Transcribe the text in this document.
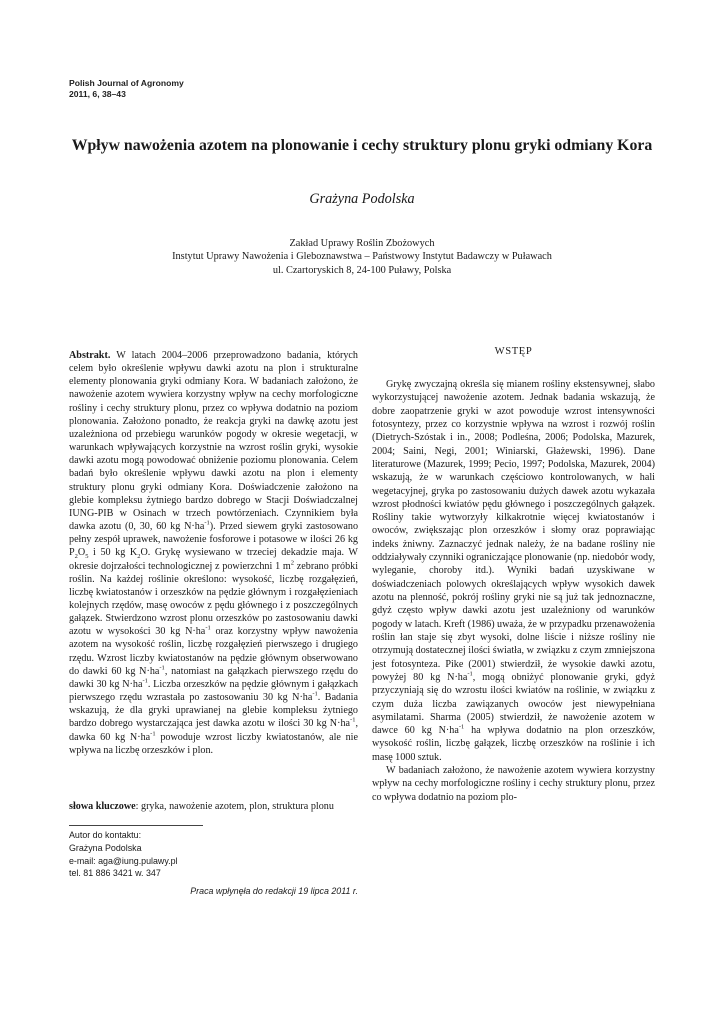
Polish Journal of Agronomy
2011, 6, 38–43
Wpływ nawożenia azotem na plonowanie i cechy struktury plonu gryki odmiany Kora
Grażyna Podolska
Zakład Uprawy Roślin Zbożowych
Instytut Uprawy Nawożenia i Gleboznawstwa – Państwowy Instytut Badawczy w Puławach
ul. Czartoryskich 8, 24-100 Puławy, Polska

Abstrakt. W latach 2004–2006 przeprowadzono badania, których celem było określenie wpływu dawki azotu na plon i strukturalne elementy plonowania gryki odmiany Kora. W badaniach założono, że nawożenie azotem wywiera korzystny wpływ na cechy morfologiczne rośliny i cechy struktury plonu, przez co wpływa dodatnio na poziom plonowania. Założono ponadto, że reakcja gryki na dawkę azotu jest uzależniona od przebiegu warunków pogody w okresie wegetacji, w warunkach wpływających korzystnie na wzrost roślin gryki, wysokie dawki azotu mogą powodować obniżenie poziomu plonowania. Celem badań było określenie wpływu dawki azotu na plon i elementy struktury plonu gryki odmiany Kora. Doświadczenie założono na glebie kompleksu żytniego bardzo dobrego w Stacji Doświadczalnej IUNG-PIB w Osinach w trzech powtórzeniach. Czynnikiem była dawka azotu (0, 30, 60 kg $N\cdot ha^{-1}$). Przed siewem gryki zastosowano pełny zespół uprawek, nawożenie fosforowe i potasowe w ilości 26 kg $P_2O_5$ i 50 kg $K_2O$. Grykę wysiewano w trzeciej dekadzie maja. W okresie dojrzałości technologicznej z powierzchni 1 $m^2$ zebrano próbki roślin. Na każdej roślinie określono: wysokość, liczbę rozgałęzień, liczbę kwiatostanów i orzeszków na pędzie głównym i rozgałęzieniach kolejnych rzędów, masę owoców z pędu głównego i z poszczególnych gałązek. Stwierdzono wzrost plonu orzeszków po zastosowaniu dawki azotu w wysokości 30 kg $N\cdot ha^{-1}$ oraz korzystny wpływ nawożenia azotem na wysokość roślin, liczbę rozgałęzień pierwszego i drugiego rzędu. Wzrost liczby kwiatostanów na pędzie głównym obserwowano do dawki 60 kg $N\cdot ha^{-1}$, natomiast na gałązkach pierwszego rzędu do dawki 30 kg $N\cdot ha^{-1}$. Liczba orzeszków na pędzie głównym i gałązkach pierwszego rzędu wzrastała po zastosowaniu 30 kg $N\cdot ha^{-1}$. Badania wskazują, że dla gryki uprawianej na glebie kompleksu żytniego bardzo dobrego wystarczająca jest dawka azotu w ilości 30 kg $N\cdot ha^{-1}$, dawka 60 kg $N\cdot ha^{-1}$ powoduje wzrost liczby kwiatostanów, ale nie wpływa na liczbę orzeszków i plon.

słowa kluczowe: gryka, nawożenie azotem, plon, struktura plonu
Autor do kontaktu:
Grażyna Podolska
e-mail: aga@iung.pulawy.pl
tel. 81 886 3421 w. 347
Praca wpłynęła do redakcji 19 lipca 2011 r.
WSTĘP

Grykę zwyczajną określa się mianem rośliny ekstensywnej, słabo wykorzystującej nawożenie azotem. Jednak badania wskazują, że dobre zaopatrzenie gryki w azot powoduje wzrost intensywności fotosyntezy, przez co korzystnie wpływa na wzrost i rozwój roślin (Dietrych-Szóstak i in., 2008; Podleśna, 2006; Podolska, Mazurek, 2004; Saini, Negi, 2001; Winiarski, Głażewski, 1996). Dane literaturowe (Mazurek, 1999; Pecio, 1997; Podolska, Mazurek, 2004) wskazują, że w warunkach częściowo kontrolowanych, w hali wegetacyjnej, gryka po zastosowaniu dużych dawek azotu wykazała wzrost płodności kwiatów pędu głównego i poszczególnych gałązek. Rośliny takie wytworzyły kilkakrotnie więcej kwiatostanów i owoców, zwiększając plon orzeszków i słomy oraz poprawiając indeks żniwny. Zaznaczyć jednak należy, że na badane rośliny nie oddziaływały czynniki ograniczające plonowanie (np. niedobór wody, wyleganie, choroby itd.). Wyniki badań uzyskiwane w doświadczeniach polowych określających wpływ wysokich dawek azotu na plenność, pokrój rośliny gryki nie są już tak jednoznaczne, gdyż często wpływ dawki azotu jest uzależniony od warunków pogody w latach. Kreft (1986) uważa, że w przypadku przenawożenia roślin łan staje się zbyt wysoki, dolne liście i niższe rośliny nie otrzymują dostatecznej ilości światła, w związku z czym zmniejszona jest fotosynteza. Pike (2001) stwierdził, że wysokie dawki azotu, powyżej 80 kg $N\cdot ha^{-1}$, mogą obniżyć plonowanie gryki, gdyż przyczyniają się do wzrostu ilości kwiatów na roślinie, w związku z czym duża liczba zawiązanych owoców jest niewypełniana asymilatami. Sharma (2005) stwierdził, że nawożenie azotem w dawce 60 kg $N\cdot ha^{-1}$ ha wpływa dodatnio na plon orzeszków, wysokość roślin, liczbę gałązek, liczbę orzeszków na roślinie i ich masę 1000 sztuk.

W badaniach założono, że nawożenie azotem wywiera korzystny wpływ na cechy morfologiczne rośliny i cechy struktury plonu, przez co wpływa dodatnio na poziom plo-
